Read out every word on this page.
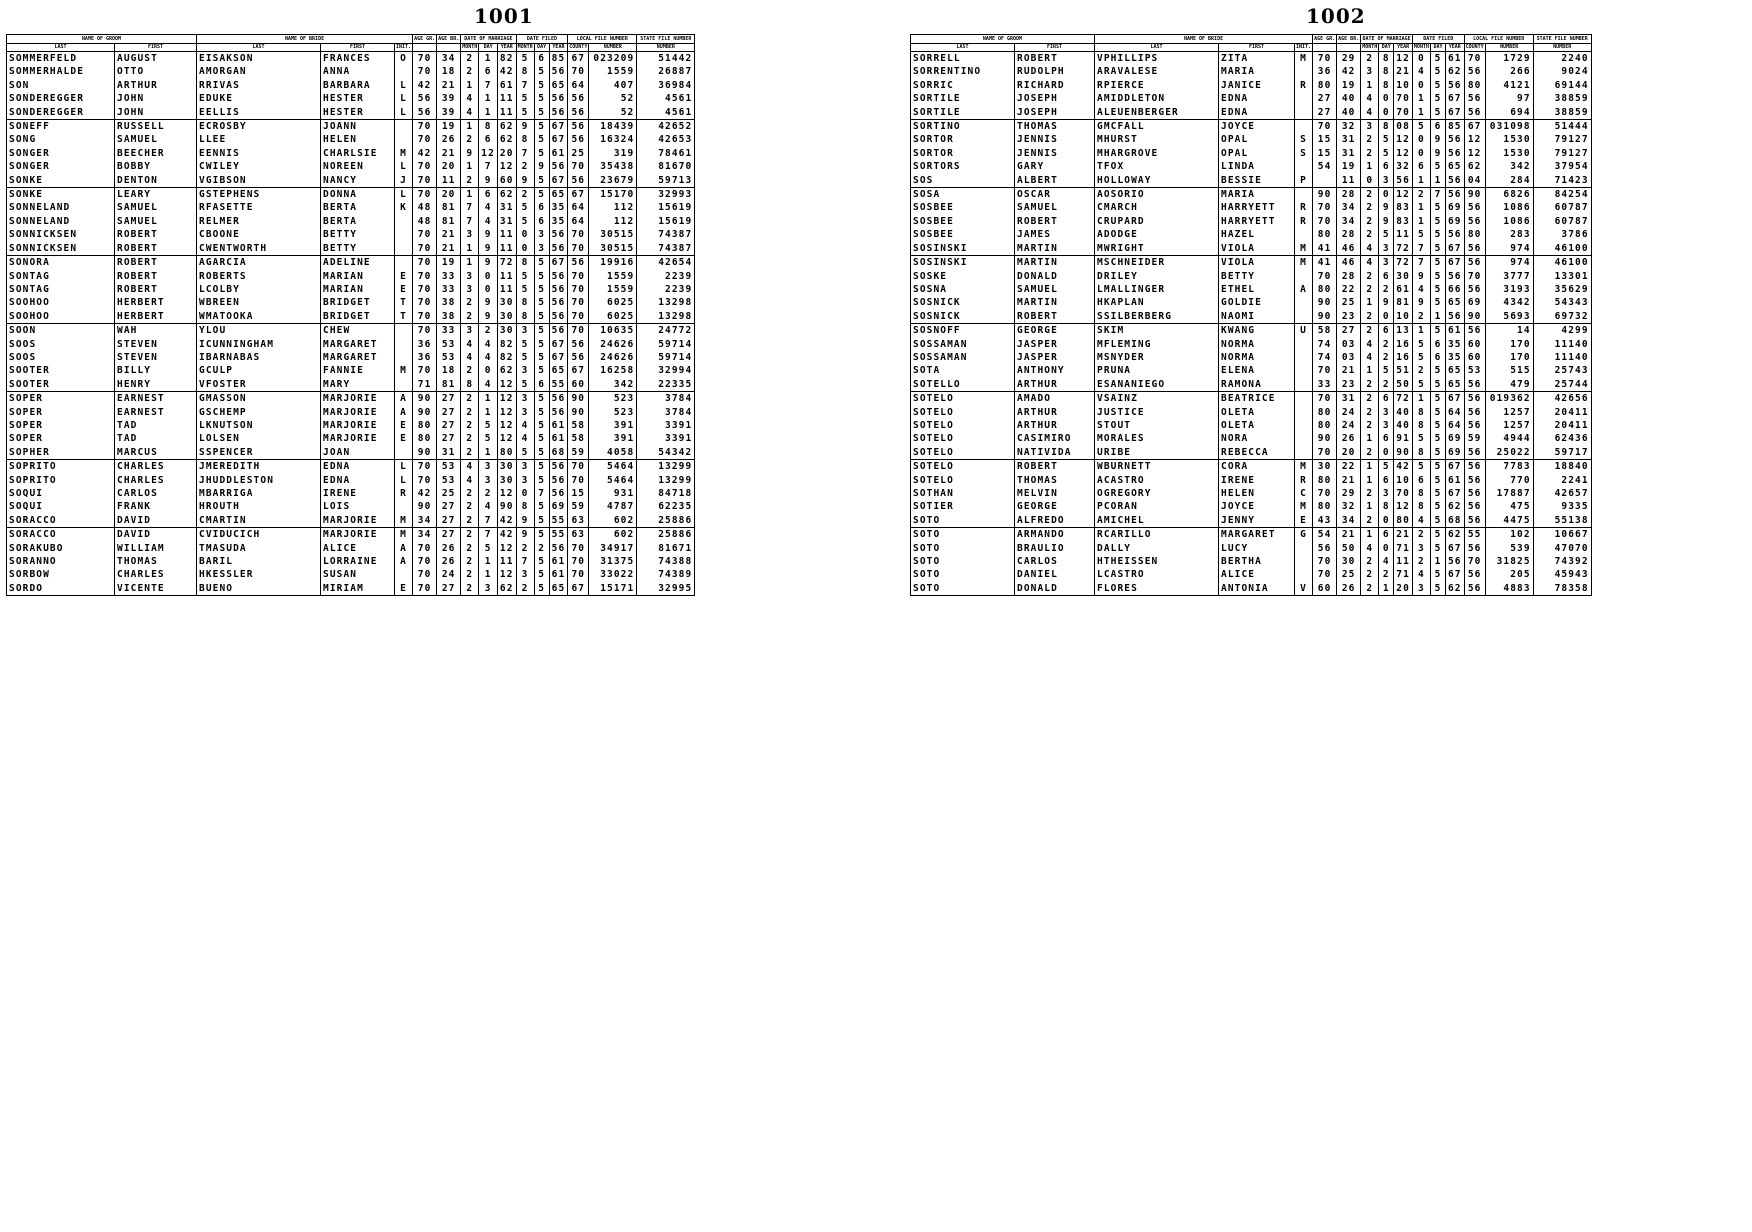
1001
NAME OF GROOM		NAME OF BRIDE			AGE GR.	AGE BR.	DATE OF MARRIAGE			DATE FILED			LOCAL FILE NUMBER		STATE FILE NUMBER
LAST	FIRST	LAST	FIRST	INIT.			MONTH	DAY	YEAR	MONTH	DAY	YEAR	COUNTY	NUMBER	NUMBER
SOMMERFELD	AUGUST	EISAKSON	FRANCES	O	70	34	2	1	82	5	6	85	67	023209	51442
SOMMERHALDE	OTTO	AMORGAN	ANNA		70	18	2	6	42	8	5	56	70	1559	26887
SON	ARTHUR	RRIVAS	BARBARA	L	42	21	1	7	61	7	5	65	64	407	36984
SONDEREGGER	JOHN	EDUKE	HESTER	L	56	39	4	1	11	5	5	56	56	52	4561
SONDEREGGER	JOHN	EELLIS	HESTER	L	56	39	4	1	11	5	5	56	56	52	4561
SONEFF	RUSSELL	ECROSBY	JOANN		70	19	1	8	62	9	5	67	56	18439	42652
SONG	SAMUEL	LLEE	HELEN		70	26	2	6	62	8	5	67	56	16324	42653
SONGER	BEECHER	EENNIS	CHARLSIE	M	42	21	9	12	20	7	5	61	25	319	78461
SONGER	BOBBY	CWILEY	NOREEN	L	70	20	1	7	12	2	9	56	70	35438	81670
SONKE	DENTON	VGIBSON	NANCY	J	70	11	2	9	60	9	5	67	56	23679	59713
SONKE	LEARY	GSTEPHENS	DONNA	L	70	20	1	6	62	2	5	65	67	15170	32993
SONNELAND	SAMUEL	RFASETTE	BERTA	K	48	81	7	4	31	5	6	35	64	112	15619
SONNELAND	SAMUEL	RELMER	BERTA		48	81	7	4	31	5	6	35	64	112	15619
SONNICKSEN	ROBERT	CBOONE	BETTY		70	21	3	9	11	0	3	56	70	30515	74387
SONNICKSEN	ROBERT	CWENTWORTH	BETTY		70	21	1	9	11	0	3	56	70	30515	74387
SONORA	ROBERT	AGARCIA	ADELINE		70	19	1	9	72	8	5	67	56	19916	42654
SONTAG	ROBERT	ROBERTS	MARIAN	E	70	33	3	0	11	5	5	56	70	1559	2239
SONTAG	ROBERT	LCOLBY	MARIAN	E	70	33	3	0	11	5	5	56	70	1559	2239
SOOHOO	HERBERT	WBREEN	BRIDGET	T	70	38	2	9	30	8	5	56	70	6025	13298
SOOHOO	HERBERT	WMATOOKA	BRIDGET	T	70	38	2	9	30	8	5	56	70	6025	13298
SOON	WAH	YLOU	CHEW		70	33	3	2	30	3	5	56	70	10635	24772
SOOS	STEVEN	ICUNNINGHAM	MARGARET		36	53	4	4	82	5	5	67	56	24626	59714
SOOS	STEVEN	IBARNABAS	MARGARET		36	53	4	4	82	5	5	67	56	24626	59714
SOOTER	BILLY	GCULP	FANNIE	M	70	18	2	0	62	3	5	65	67	16258	32994
SOOTER	HENRY	VFOSTER	MARY		71	81	8	4	12	5	6	55	60	342	22335
SOPER	EARNEST	GMASSON	MARJORIE	A	90	27	2	1	12	3	5	56	90	523	3784
SOPER	EARNEST	GSCHEMP	MARJORIE	A	90	27	2	1	12	3	5	56	90	523	3784
SOPER	TAD	LKNUTSON	MARJORIE	E	80	27	2	5	12	4	5	61	58	391	3391
SOPER	TAD	LOLSEN	MARJORIE	E	80	27	2	5	12	4	5	61	58	391	3391
SOPHER	MARCUS	SSPENCER	JOAN		90	31	2	1	80	5	5	68	59	4058	54342
SOPRITO	CHARLES	JMEREDITH	EDNA	L	70	53	4	3	30	3	5	56	70	5464	13299
SOPRITO	CHARLES	JHUDDLESTON	EDNA	L	70	53	4	3	30	3	5	56	70	5464	13299
SOQUI	CARLOS	MBARRIGA	IRENE	R	42	25	2	2	12	0	7	56	15	931	84718
SOQUI	FRANK	HROUTH	LOIS		90	27	2	4	90	8	5	69	59	4787	62235
SORACCO	DAVID	CMARTIN	MARJORIE	M	34	27	2	7	42	9	5	55	63	602	25886
SORACCO	DAVID	CVIDUCICH	MARJORIE	M	34	27	2	7	42	9	5	55	63	602	25886
SORAKUBO	WILLIAM	TMASUDA	ALICE	A	70	26	2	5	12	2	2	56	70	34917	81671
SORANNO	THOMAS	BARIL	LORRAINE	A	70	26	2	1	11	7	5	61	70	31375	74388
SORBOW	CHARLES	HKESSLER	SUSAN		70	24	2	1	12	3	5	61	70	33022	74389
SORDO	VICENTE	BUENO	MIRIAM	E	70	27	2	3	62	2	5	65	67	15171	32995
1002
NAME OF GROOM		NAME OF BRIDE			AGE GR.	AGE BR.	DATE OF MARRIAGE			DATE FILED			LOCAL FILE NUMBER		STATE FILE NUMBER
LAST	FIRST	LAST	FIRST	INIT.			MONTH	DAY	YEAR	MONTH	DAY	YEAR	COUNTY	NUMBER	NUMBER
SORRELL	ROBERT	VPHILLIPS	ZITA	M	70	29	2	8	12	0	5	61	70	1729	2240
SORRENTINO	RUDOLPH	ARAVALESE	MARIA		36	42	3	8	21	4	5	62	56	266	9024
SORRIC	RICHARD	RPIERCE	JANICE	R	80	19	1	8	10	0	5	56	80	4121	69144
SORTILE	JOSEPH	AMIDDLETON	EDNA		27	40	4	0	70	1	5	67	56	97	38859
SORTILE	JOSEPH	ALEUENBERGER	EDNA		27	40	4	0	70	1	5	67	56	694	38859
SORTINO	THOMAS	GMCFALL	JOYCE		70	32	3	8	08	5	6	85	67	031098	51444
SORTOR	JENNIS	MHURST	OPAL	S	15	31	2	5	12	0	9	56	12	1530	79127
SORTOR	JENNIS	MHARGROVE	OPAL	S	15	31	2	5	12	0	9	56	12	1530	79127
SORTORS	GARY	TFOX	LINDA		54	19	1	6	32	6	5	65	62	342	37954
SOS	ALBERT	HOLLOWAY	BESSIE	P		11	0	3	56	1	1	56	04	284	71423
SOSA	OSCAR	AOSORIO	MARIA		90	28	2	0	12	2	7	56	90	6826	84254
SOSBEE	SAMUEL	CMARCH	HARRYETT	R	70	34	2	9	83	1	5	69	56	1086	60787
SOSBEE	ROBERT	CRUPARD	HARRYETT	R	70	34	2	9	83	1	5	69	56	1086	60787
SOSBEE	JAMES	ADODGE	HAZEL		80	28	2	5	11	5	5	56	80	283	3786
SOSINSKI	MARTIN	MWRIGHT	VIOLA	M	41	46	4	3	72	7	5	67	56	974	46100
SOSINSKI	MARTIN	MSCHNEIDER	VIOLA	M	41	46	4	3	72	7	5	67	56	974	46100
SOSKE	DONALD	DRILEY	BETTY		70	28	2	6	30	9	5	56	70	3777	13301
SOSNA	SAMUEL	LMALLINGER	ETHEL	A	80	22	2	2	61	4	5	66	56	3193	35629
SOSNICK	MARTIN	HKAPLAN	GOLDIE		90	25	1	9	81	9	5	65	69	4342	54343
SOSNICK	ROBERT	SSILBERBERG	NAOMI		90	23	2	0	10	2	1	56	90	5693	69732
SOSNOFF	GEORGE	SKIM	KWANG	U	58	27	2	6	13	1	5	61	56	14	4299
SOSSAMAN	JASPER	MFLEMING	NORMA		74	03	4	2	16	5	6	35	60	170	11140
SOSSAMAN	JASPER	MSNYDER	NORMA		74	03	4	2	16	5	6	35	60	170	11140
SOTA	ANTHONY	PRUNA	ELENA		70	21	1	5	51	2	5	65	53	515	25743
SOTELLO	ARTHUR	ESANANIEGO	RAMONA		33	23	2	2	50	5	5	65	56	479	25744
SOTELO	AMADO	VSAINZ	BEATRICE		70	31	2	6	72	1	5	67	56	019362	42656
SOTELO	ARTHUR	JUSTICE	OLETA		80	24	2	3	40	8	5	64	56	1257	20411
SOTELO	ARTHUR	STOUT	OLETA		80	24	2	3	40	8	5	64	56	1257	20411
SOTELO	CASIMIRO	MORALES	NORA		90	26	1	6	91	5	5	69	59	4944	62436
SOTELO	NATIVIDA	URIBE	REBECCA		70	20	2	0	90	8	5	69	56	25022	59717
SOTELO	ROBERT	WBURNETT	CORA	M	30	22	1	5	42	5	5	67	56	7783	18840
SOTELO	THOMAS	ACASTRO	IRENE	R	80	21	1	6	10	6	5	61	56	770	2241
SOTHAN	MELVIN	OGREGORY	HELEN	C	70	29	2	3	70	8	5	67	56	17887	42657
SOTIER	GEORGE	PCORAN	JOYCE	M	80	32	1	8	12	8	5	62	56	475	9335
SOTO	ALFREDO	AMICHEL	JENNY	E	43	34	2	0	80	4	5	68	56	4475	55138
SOTO	ARMANDO	RCARILLO	MARGARET	G	54	21	1	6	21	2	5	62	55	102	10667
SOTO	BRAULIO	DALLY	LUCY		56	50	4	0	71	3	5	67	56	539	47070
SOTO	CARLOS	HTHEISSEN	BERTHA		70	30	2	4	11	2	1	56	70	31825	74392
SOTO	DANIEL	LCASTRO	ALICE		70	25	2	2	71	4	5	67	56	205	45943
SOTO	DONALD	FLORES	ANTONIA	V	60	26	2	1	20	3	5	62	56	4883	78358
